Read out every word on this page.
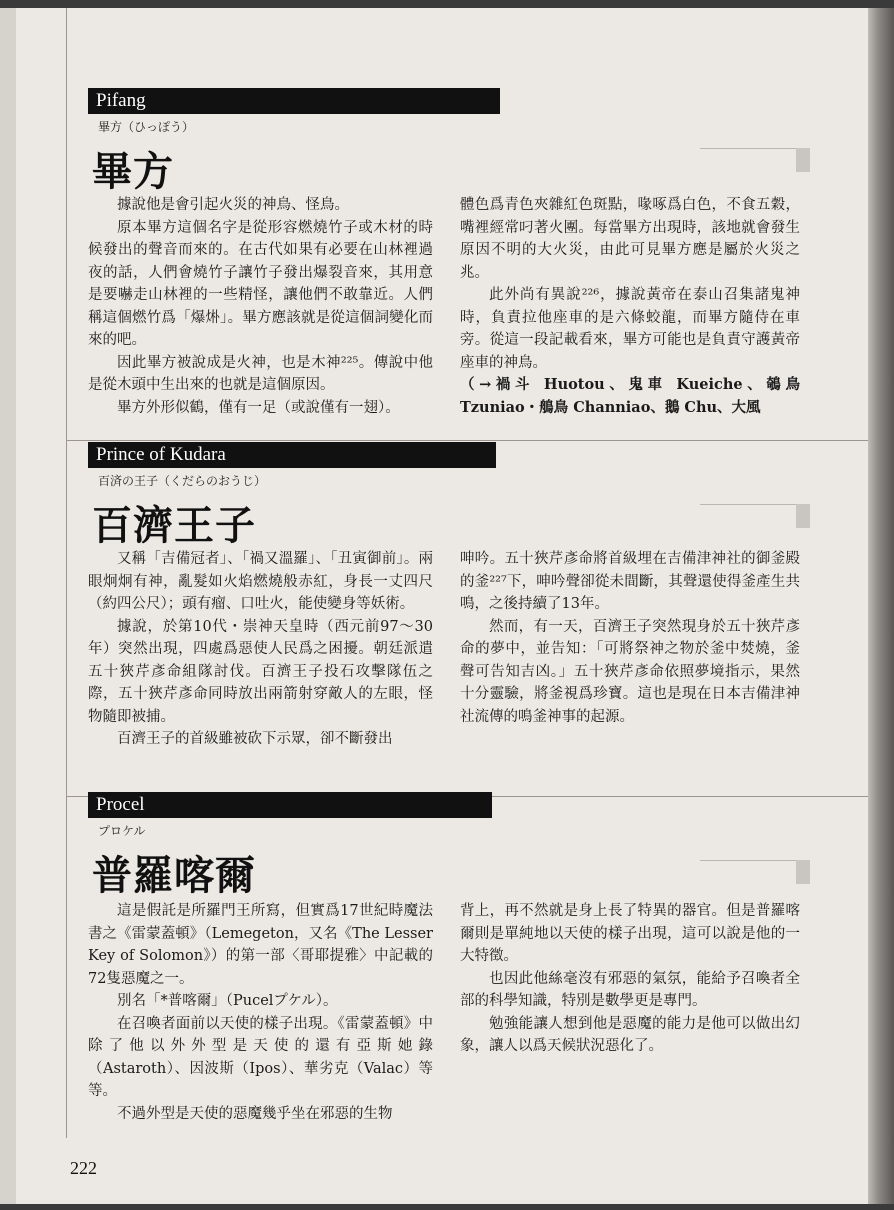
Pifang
畢方（ひっぽう）
畢方

據說他是會引起火災的神鳥、怪鳥。

原本畢方這個名字是從形容燃燒竹子或木材的時候發出的聲音而來的。在古代如果有必要在山林裡過夜的話，人們會燒竹子讓竹子發出爆裂音來，其用意是要嚇走山林裡的一些精怪，讓他們不敢靠近。人們稱這個燃竹爲「爆烞」。畢方應該就是從這個詞變化而來的吧。

因此畢方被說成是火神，也是木神²²⁵。傳說中他是從木頭中生出來的也就是這個原因。

畢方外形似鶴，僅有一足（或說僅有一翅）。

體色爲青色夾雜紅色斑點，喙啄爲白色，不食五穀，嘴裡經常叼著火團。每當畢方出現時，該地就會發生原因不明的大火災，由此可見畢方應是屬於火災之兆。

此外尚有異說²²⁶，據說黃帝在泰山召集諸鬼神時，負責拉他座車的是六條蛟龍，而畢方隨侍在車旁。從這一段記載看來，畢方可能也是負責守護黃帝座車的神鳥。

（→禍斗 Huotou、鬼車 Kueiche、鵸鳥 Tzuniao・鵃鳥 Channiao、鵝 Chu、大風

Prince of Kudara
百済の王子（くだらのおうじ）
百濟王子

又稱「吉備冠者」、「禍又溫羅」、「丑寅御前」。兩眼炯炯有神，亂髮如火焰燃燒般赤紅，身長一丈四尺（約四公尺）；頭有瘤、口吐火，能使變身等妖術。

據說，於第10代・崇神天皇時（西元前97～30年）突然出現，四處爲惡使人民爲之困擾。朝廷派遣五十狹芹彥命組隊討伐。百濟王子投石攻擊隊伍之際，五十狹芹彥命同時放出兩箭射穿敵人的左眼，怪物隨即被捕。

百濟王子的首級雖被砍下示眾，卻不斷發出

呻吟。五十狹芹彥命將首級埋在吉備津神社的御釜殿的釜²²⁷下，呻吟聲卻從未間斷，其聲還使得釜產生共鳴，之後持續了13年。

然而，有一天，百濟王子突然現身於五十狹芹彥命的夢中，並告知：「可將祭神之物於釜中焚燒，釜聲可告知吉凶。」五十狹芹彥命依照夢境指示，果然十分靈驗，將釜視爲珍寶。這也是現在日本吉備津神社流傳的鳴釜神事的起源。

Procel
プロケル
普羅喀爾

這是假託是所羅門王所寫，但實爲17世紀時魔法書之《雷蒙蓋頓》（Lemegeton，又名《The Lesser Key of Solomon》）的第一部〈哥耶提雅〉中記載的72隻惡魔之一。

別名「*普喀爾」（Pucelプケル）。

在召喚者面前以天使的樣子出現。《雷蒙蓋頓》中除了他以外外型是天使的還有亞斯她錄（Astaroth）、因波斯（Ipos）、華劣克（Valac）等等。

不過外型是天使的惡魔幾乎坐在邪惡的生物

背上，再不然就是身上長了特異的器官。但是普羅喀爾則是單純地以天使的樣子出現，這可以說是他的一大特徵。

也因此他絲毫沒有邪惡的氣氛，能給予召喚者全部的科學知識，特別是數學更是專門。

勉強能讓人想到他是惡魔的能力是他可以做出幻象，讓人以爲天候狀況惡化了。

222
